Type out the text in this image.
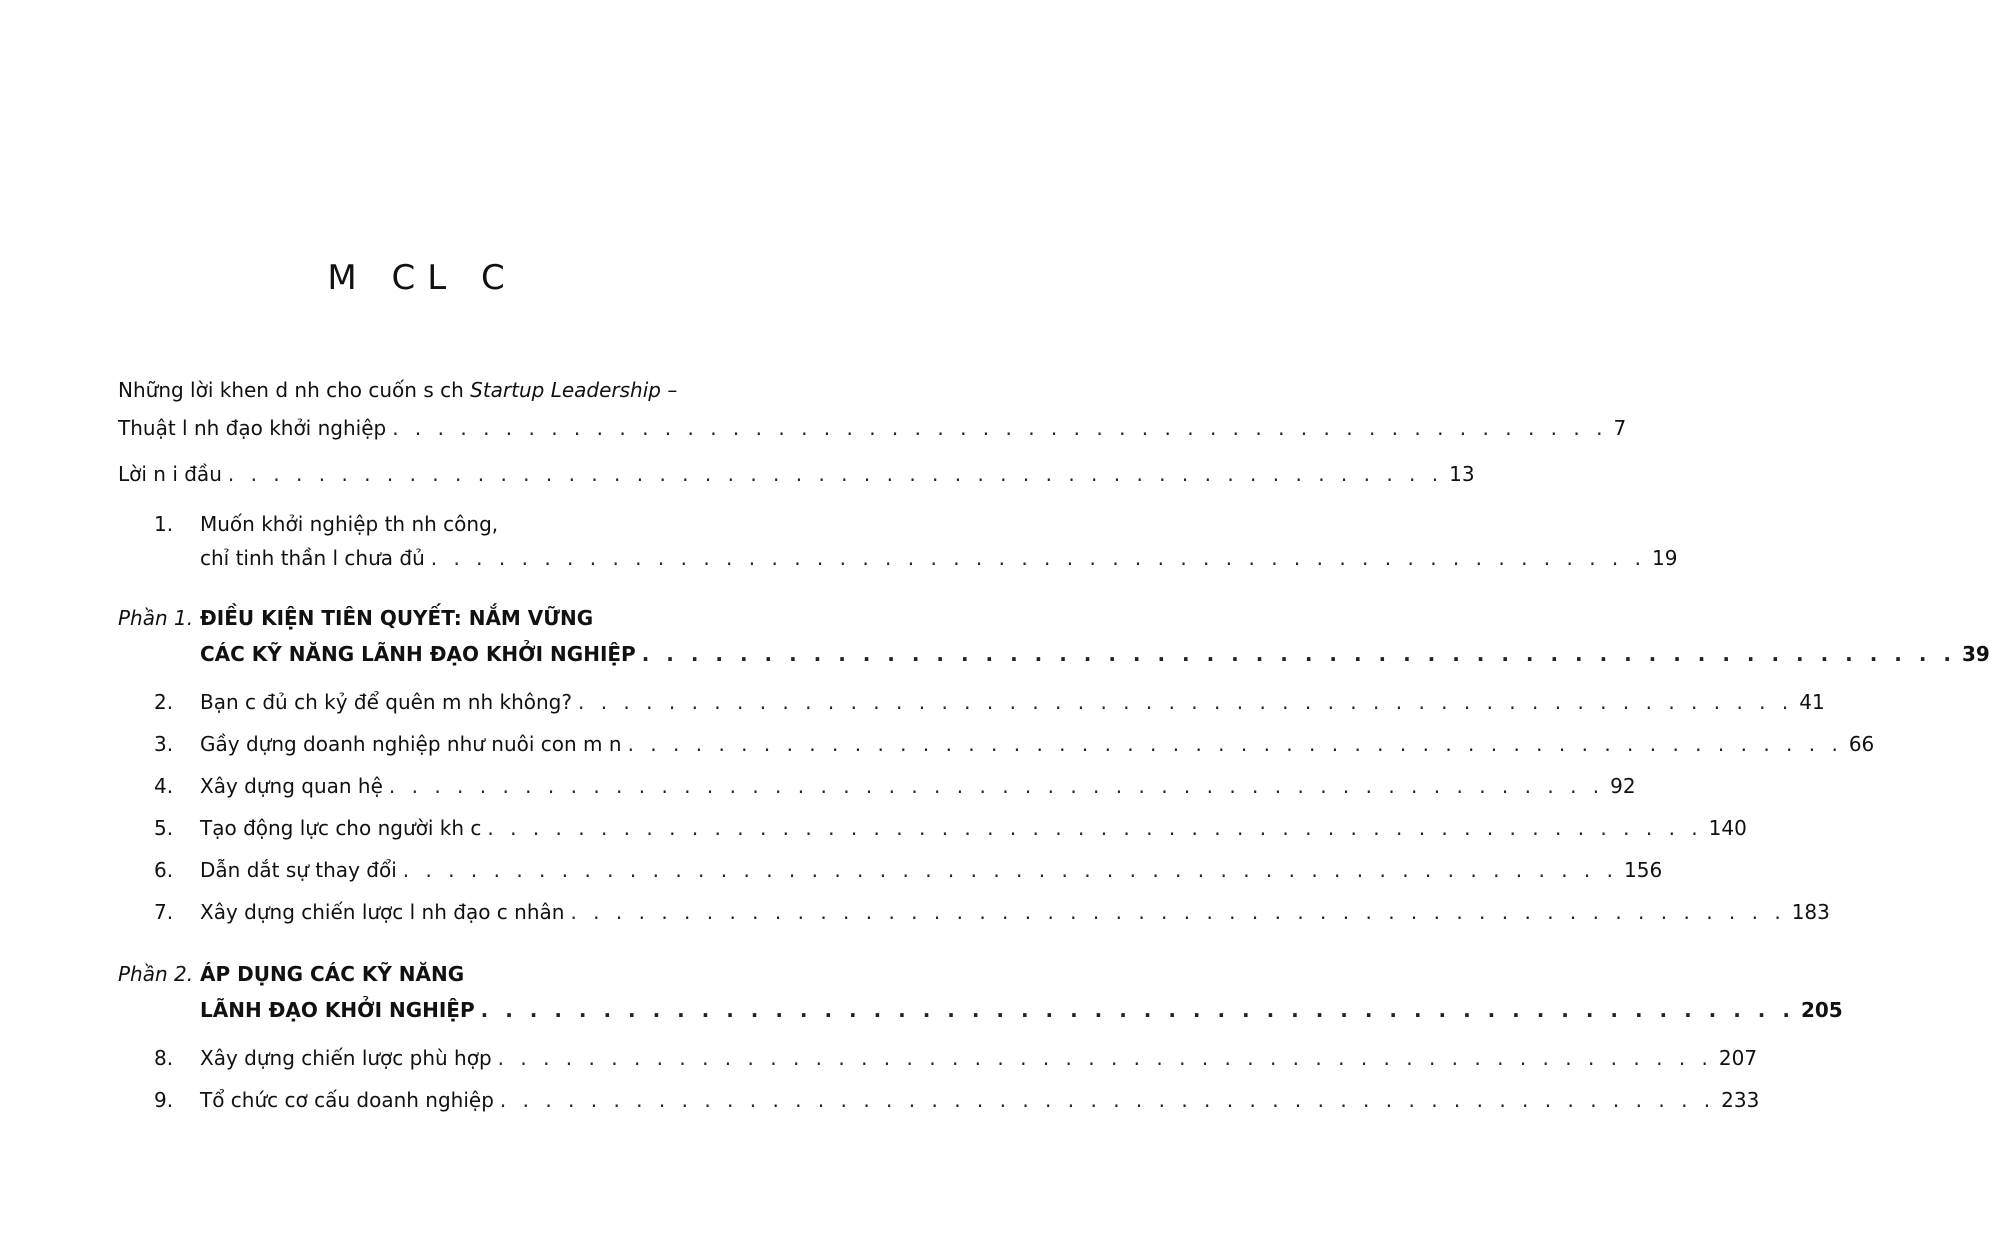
M CL C
Những lời khen d nh cho cuốn s ch Startup Leadership –
Thuật l nh đạo khởi nghiệp . . . . . . . . . . . . . . . . . . . . . . . . . . . . . . . . . . . . . . . . . . . . . . . . . . . . . . 7
Lời n i đầu . . . . . . . . . . . . . . . . . . . . . . . . . . . . . . . . . . . . . . . . . . . . . . . . . . . . . . 13
1. Muốn khởi nghiệp th nh công,
chỉ tinh thần l chưa đủ . . . . . . . . . . . . . . . . . . . . . . . . . . . . . . . . . . . . . . . . . . . . . . . . . . . . . . 19
Phần 1. ĐIỀU KIỆN TIÊN QUYẾT: NẮM VỮNG
CÁC KỸ NĂNG LÃNH ĐẠO KHỞI NGHIỆP . . . . . . . . . . . . . . . . . . . . . . . . . . . . . . . . . . . . . . . . . . . . . . . . . . . . . . 39
2. Bạn c đủ ch kỷ để quên m nh không? . . . . . . . . . . . . . . . . . . . . . . . . . . . . . . . . . . . . . . . . . . . . . . . . . . . . . . 41
3. Gầy dựng doanh nghiệp như nuôi con m n . . . . . . . . . . . . . . . . . . . . . . . . . . . . . . . . . . . . . . . . . . . . . . . . . . . . . . 66
4. Xây dựng quan hệ . . . . . . . . . . . . . . . . . . . . . . . . . . . . . . . . . . . . . . . . . . . . . . . . . . . . . . 92
5. Tạo động lực cho người kh c . . . . . . . . . . . . . . . . . . . . . . . . . . . . . . . . . . . . . . . . . . . . . . . . . . . . . . 140
6. Dẫn dắt sự thay đổi . . . . . . . . . . . . . . . . . . . . . . . . . . . . . . . . . . . . . . . . . . . . . . . . . . . . . . 156
7. Xây dựng chiến lược l nh đạo c nhân . . . . . . . . . . . . . . . . . . . . . . . . . . . . . . . . . . . . . . . . . . . . . . . . . . . . . . 183
Phần 2. ÁP DỤNG CÁC KỸ NĂNG
LÃNH ĐẠO KHỞI NGHIỆP . . . . . . . . . . . . . . . . . . . . . . . . . . . . . . . . . . . . . . . . . . . . . . . . . . . . . . 205
8. Xây dựng chiến lược phù hợp . . . . . . . . . . . . . . . . . . . . . . . . . . . . . . . . . . . . . . . . . . . . . . . . . . . . . . 207
9. Tổ chức cơ cấu doanh nghiệp . . . . . . . . . . . . . . . . . . . . . . . . . . . . . . . . . . . . . . . . . . . . . . . . . . . . . . 233
